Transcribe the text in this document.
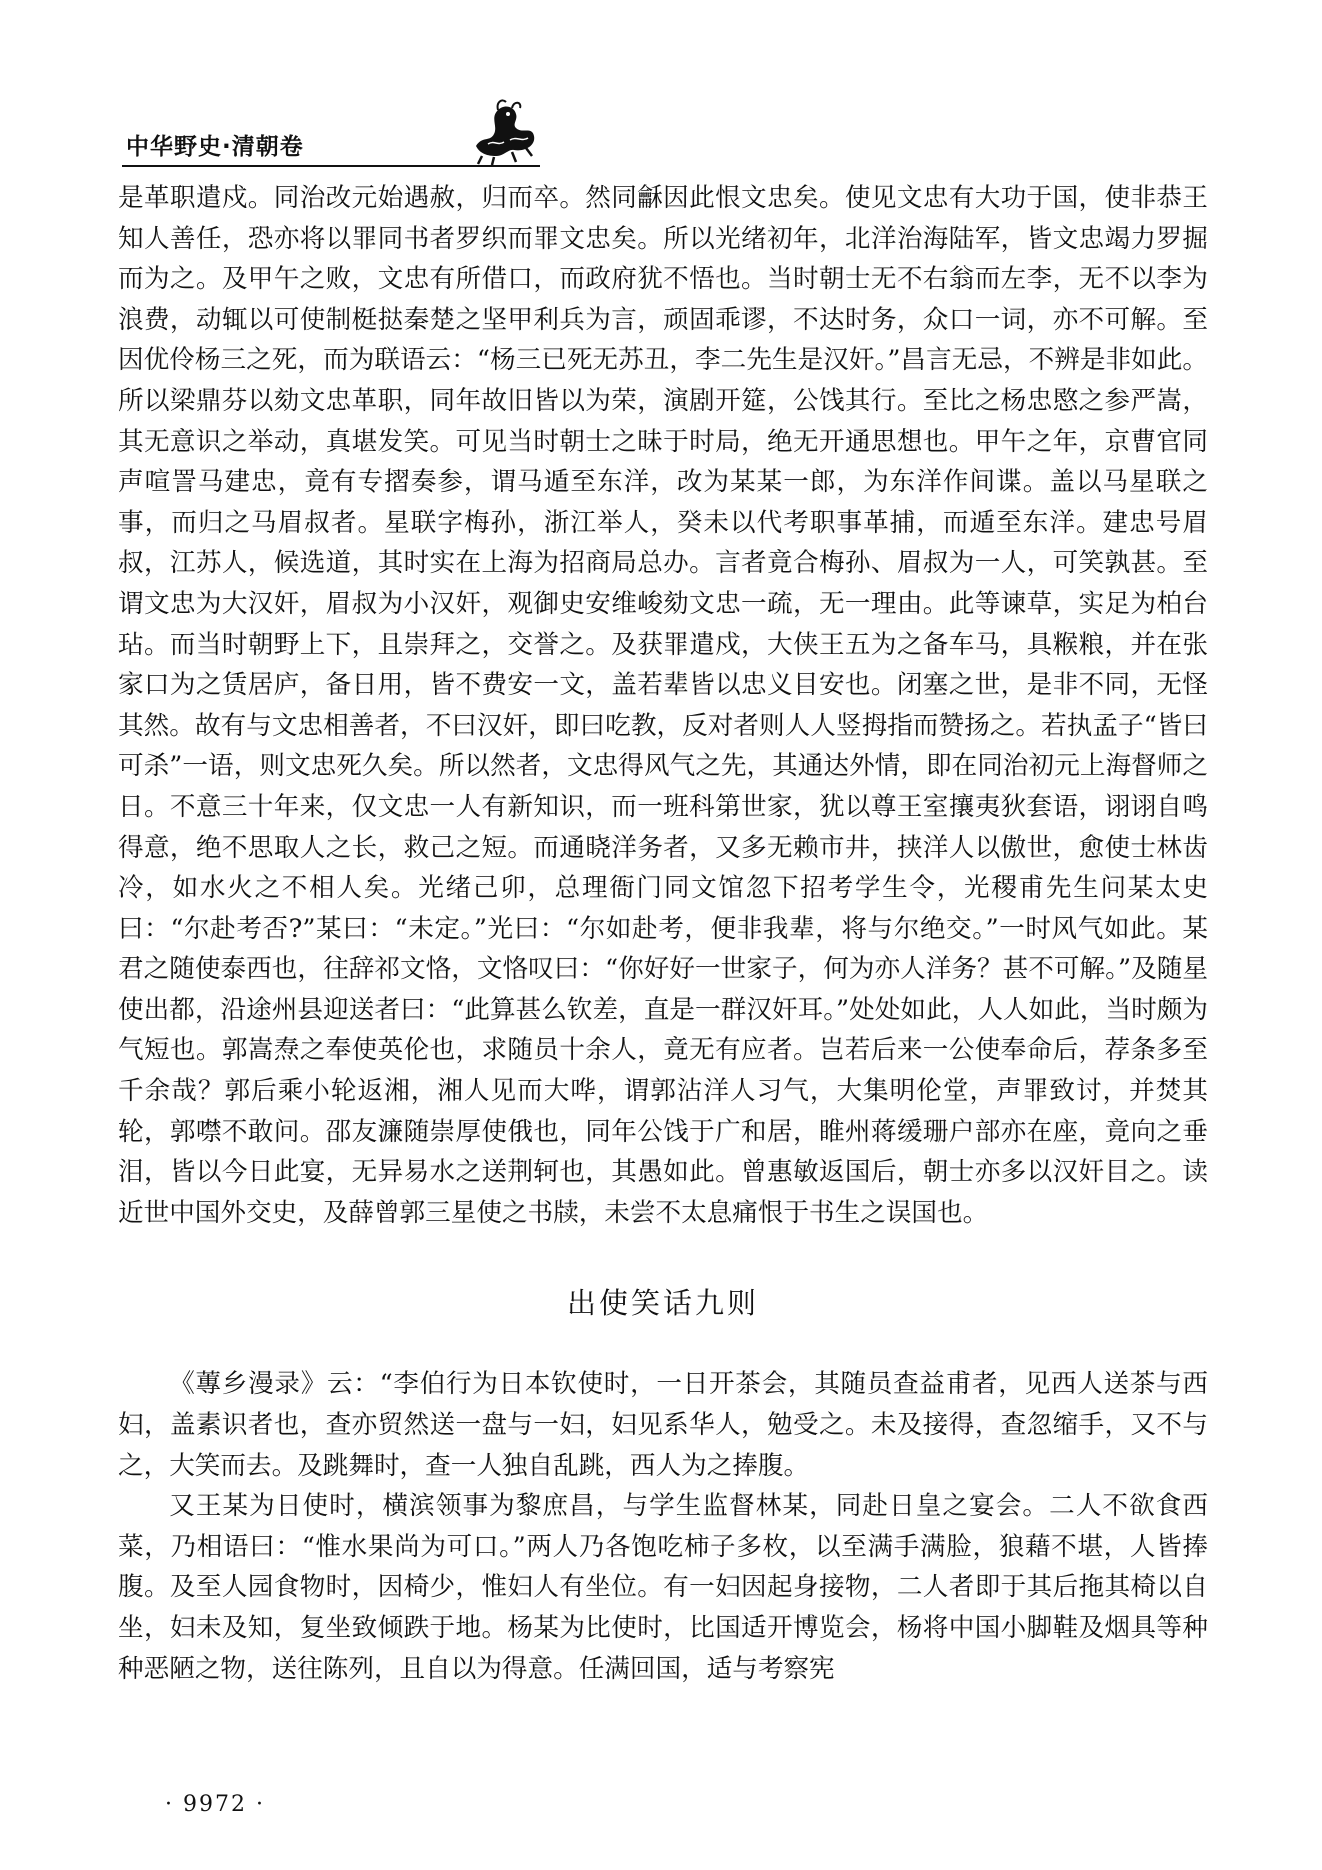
中华野史·清朝卷

是革职遣戍。同治改元始遇赦，归而卒。然同龢因此恨文忠矣。使见文忠有大功于国，使非恭王知人善任，恐亦将以罪同书者罗织而罪文忠矣。所以光绪初年，北洋治海陆军，皆文忠竭力罗掘而为之。及甲午之败，文忠有所借口，而政府犹不悟也。当时朝士无不右翁而左李，无不以李为浪费，动辄以可使制梃挞秦楚之坚甲利兵为言，顽固乖谬，不达时务，众口一词，亦不可解。至因优伶杨三之死，而为联语云：“杨三已死无苏丑，李二先生是汉奸。”昌言无忌，不辨是非如此。所以梁鼎芬以劾文忠革职，同年故旧皆以为荣，演剧开筵，公饯其行。至比之杨忠愍之参严嵩，其无意识之举动，真堪发笑。可见当时朝士之昧于时局，绝无开通思想也。甲午之年，京曹官同声喧詈马建忠，竟有专摺奏参，谓马遁至东洋，改为某某一郎，为东洋作间谍。盖以马星联之事，而归之马眉叔者。星联字梅孙，浙江举人，癸未以代考职事革捕，而遁至东洋。建忠号眉叔，江苏人，候选道，其时实在上海为招商局总办。言者竟合梅孙、眉叔为一人，可笑孰甚。至谓文忠为大汉奸，眉叔为小汉奸，观御史安维峻劾文忠一疏，无一理由。此等谏草，实足为柏台玷。而当时朝野上下，且崇拜之，交誉之。及获罪遣戍，大侠王五为之备车马，具糇粮，并在张家口为之赁居庐，备日用，皆不费安一文，盖若辈皆以忠义目安也。闭塞之世，是非不同，无怪其然。故有与文忠相善者，不曰汉奸，即曰吃教，反对者则人人竖拇指而赞扬之。若执孟子“皆曰可杀”一语，则文忠死久矣。所以然者，文忠得风气之先，其通达外情，即在同治初元上海督师之日。不意三十年来，仅文忠一人有新知识，而一班科第世家，犹以尊王室攘夷狄套语，诩诩自鸣得意，绝不思取人之长，救己之短。而通晓洋务者，又多无赖市井，挟洋人以傲世，愈使士林齿冷，如水火之不相人矣。光绪己卯，总理衙门同文馆忽下招考学生令，光稷甫先生问某太史曰：“尔赴考否?”某曰：“未定。”光曰：“尔如赴考，便非我辈，将与尔绝交。”一时风气如此。某君之随使泰西也，往辞祁文恪，文恪叹曰：“你好好一世家子，何为亦人洋务？甚不可解。”及随星使出都，沿途州县迎送者曰：“此算甚么钦差，直是一群汉奸耳。”处处如此，人人如此，当时颇为气短也。郭嵩焘之奉使英伦也，求随员十余人，竟无有应者。岂若后来一公使奉命后，荐条多至千余哉？郭后乘小轮返湘，湘人见而大哗，谓郭沾洋人习气，大集明伦堂，声罪致讨，并焚其轮，郭噤不敢问。邵友濂随崇厚使俄也，同年公饯于广和居，睢州蒋缓珊户部亦在座，竟向之垂泪，皆以今日此宴，无异易水之送荆轲也，其愚如此。曾惠敏返国后，朝士亦多以汉奸目之。读近世中国外交史，及薛曾郭三星使之书牍，未尝不太息痛恨于书生之误国也。

出使笑话九则

《蓴乡漫录》云：“李伯行为日本钦使时，一日开茶会，其随员查益甫者，见西人送茶与西妇，盖素识者也，查亦贸然送一盘与一妇，妇见系华人，勉受之。未及接得，查忽缩手，又不与之，大笑而去。及跳舞时，查一人独自乱跳，西人为之捧腹。

又王某为日使时，横滨领事为黎庶昌，与学生监督林某，同赴日皇之宴会。二人不欲食西菜，乃相语曰：“惟水果尚为可口。”两人乃各饱吃柿子多枚，以至满手满脸，狼藉不堪，人皆捧腹。及至人园食物时，因椅少，惟妇人有坐位。有一妇因起身接物，二人者即于其后拖其椅以自坐，妇未及知，复坐致倾跌于地。杨某为比使时，比国适开博览会，杨将中国小脚鞋及烟具等种种恶陋之物，送往陈列，且自以为得意。任满回国，适与考察宪

· 9972 ·
